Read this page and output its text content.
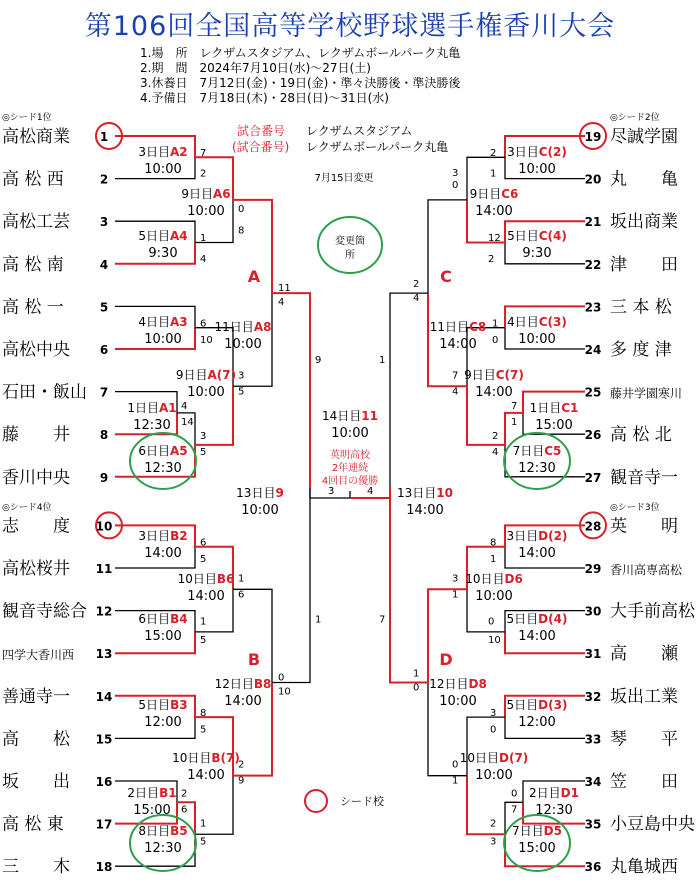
第106回全国高等学校野球選手権香川大会
1.場　所　レクザムスタジアム、レクザムボールパーク丸亀
2.期　間　2024年7月10日(水)～27日(土)
3.休養日　7月12日(金)・19日(金)・準々決勝後・準決勝後
4.予備日　7月18日(木)・28日(日)～31日(水)
高松商業 1
高 松 西	2
高松工芸 3
高 松 南	4
高 松 一	5
高松中央 6
石田・飯山 7
藤　　井 8
香川中央 9
志　　度 10
高松桜井 11
観音寺総合 12
四学大香川西 13
善通寺一 14
高　　松 15
坂　　出 16
高 松 東	17
三　　木 18
19 尽誠学園
20 丸　　亀
21 坂出商業
22 津　　田
23 三 本 松
24 多 度 津
25 藤井学園寒川
26 高 松 北
27 観音寺一
28 英　　明
29 香川高専高松
30 大手前高松
31 高　　瀬
32 坂出工業
33 琴　　平
34 笠　　田
35 小豆島中央
36 丸亀城西
◎シード1位
◎シード4位
◎シード2位
◎シード3位
3日目A2
10:00
7
2
5日目A4
9:30
1
4
9日目A6
10:00
8
0
4日目A3
10:00
6
10
1日目A1
12:30
4
14
6日目A5
12:30
3
5
9日目A(7)
10:00
3
5
11日目A8
10:00
11
4
3日目B2
14:00
6
5
6日目B4
15:00
1
5
10日目B6
14:00
1
6
5日目B3
12:00
8
5
2日目B1
15:00
2
6
8日目B5
12:30
1
5
10日目B(7)
14:00
2
9
12日目B8
14:00
0
10
13日目9
10:00
9
1
3日目C(2)
10:00
2
1
5日目C(4)
9:30
12
2
9日目C6
14:00
3
0
4日目C(3)
10:00
1
0
1日目C1
15:00
7
1
7日目C5
12:30
2
4
9日目C(7)
14:00
7
4
11日目C8
14:00
2
4
3日目D(2)
14:00
8
1
5日目D(4)
14:00
0
10
10日目D6
10:00
3
1
5日目D(3)
12:00
3
0
2日目D1
12:30
0
7
7日目D5
15:00
2
3
10日目D(7)
10:00
0
1
12日目D8
10:00
1
0
13日目10
14:00
1
7
14日目11
10:00
3	4
英明高校
2年連続
4回目の優勝
A
B
C
D
試合番号 レクザムスタジアム
(試合番号) レクザムボールパーク丸亀
7月15日変更
変更箇
所
シード校
